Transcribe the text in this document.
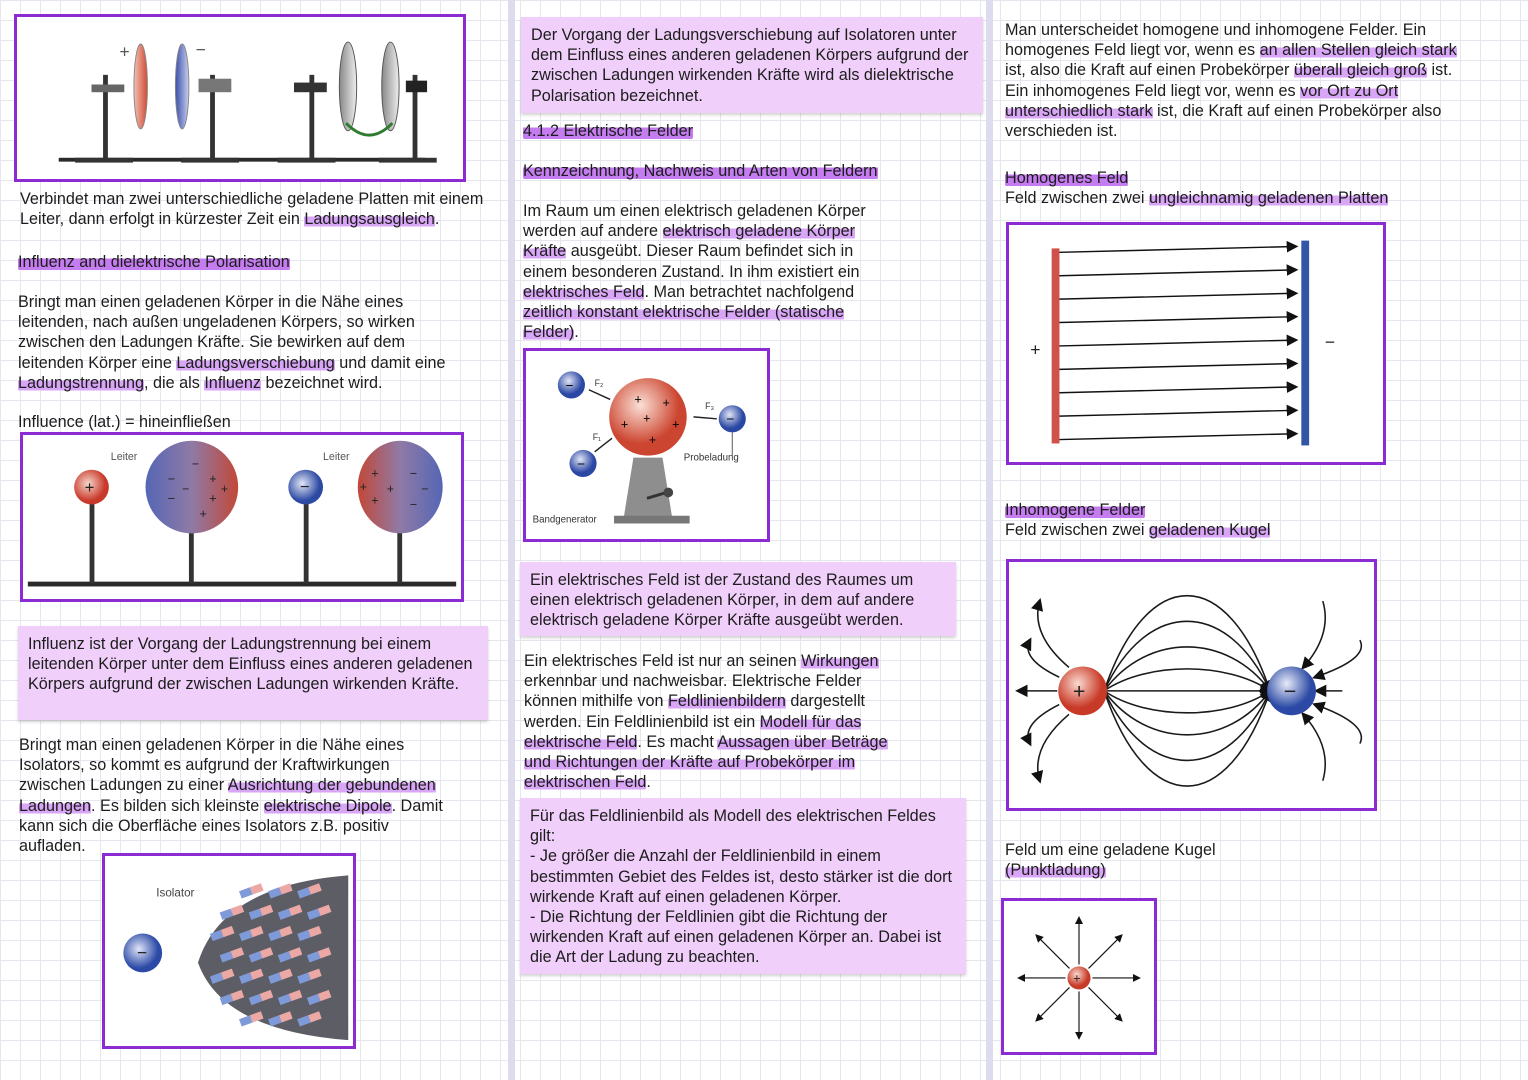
+	−
Verbindet man zwei unterschiedliche geladene Platten mit einem
Leiter, dann erfolgt in kürzester Zeit ein Ladungsausgleich.
Influenz and dielektrische Polarisation
Bringt man einen geladenen Körper in die Nähe eines
leitenden, nach außen ungeladenen Körpers, so wirken
zwischen den Ladungen Kräfte. Sie bewirken auf dem
leitenden Körper eine Ladungsverschiebung und damit eine
Ladungstrennung, die als Influenz bezeichnet wird.
Influence (lat.) = hineinfließen
+	+
+
+
+
−
−
−
−
Leiter
−	+
+
+
+
−
−
−
Leiter
Influenz ist der Vorgang der Ladungstrennung bei einem leitenden Körper unter dem Einfluss eines anderen geladenen Körpers aufgrund der zwischen Ladungen wirkenden Kräfte.
Bringt man einen geladenen Körper in die Nähe eines
Isolators, so kommt es aufgrund der Kraftwirkungen
zwischen Ladungen zu einer Ausrichtung der gebundenen
Ladungen. Es bilden sich kleinste elektrische Dipole. Damit
kann sich die Oberfläche eines Isolators z.B. positiv
aufladen.
−
Isolator
Der Vorgang der Ladungsverschiebung auf Isolatoren unter dem Einfluss eines anderen geladenen Körpers aufgrund der zwischen Ladungen wirkenden Kräfte wird als dielektrische Polarisation bezeichnet.
4.1.2 Elektrische Felder
Kennzeichnung, Nachweis und Arten von Feldern
Im Raum um einen elektrisch geladenen Körper
werden auf andere elektrisch geladene Körper
Kräfte ausgeübt. Dieser Raum befindet sich in
einem besonderen Zustand. In ihm existiert ein
elektrisches Feld. Man betrachtet nachfolgend
zeitlich konstant elektrische Felder (statische
Felder).
+ +
+ + +
+
−
−
−
F₂
F₁
F₃
Probeladung
Bandgenerator
Ein elektrisches Feld ist der Zustand des Raumes um einen elektrisch geladenen Körper, in dem auf andere elektrisch geladene Körper Kräfte ausgeübt werden.
Ein elektrisches Feld ist nur an seinen Wirkungen
erkennbar und nachweisbar. Elektrische Felder
können mithilfe von Feldlinienbildern dargestellt
werden. Ein Feldlinienbild ist ein Modell für das
elektrische Feld. Es macht Aussagen über Beträge
und Richtungen der Kräfte auf Probekörper im
elektrischen Feld.
Für das Feldlinienbild als Modell des elektrischen Feldes gilt:
- Je größer die Anzahl der Feldlinienbild in einem bestimmten Gebiet des Feldes ist, desto stärker ist die dort wirkende Kraft auf einen geladenen Körper.
- Die Richtung der Feldlinien gibt die Richtung der wirkenden Kraft auf einen geladenen Körper an. Dabei ist die Art der Ladung zu beachten.
Man unterscheidet homogene und inhomogene Felder. Ein
homogenes Feld liegt vor, wenn es an allen Stellen gleich stark
ist, also die Kraft auf einen Probekörper überall gleich groß ist.
Ein inhomogenes Feld liegt vor, wenn es vor Ort zu Ort
unterschiedlich stark ist, die Kraft auf einen Probekörper also
verschieden ist.
Homogenes Feld
Feld zwischen zwei ungleichnamig geladenen Platten
+	−
Inhomogene Felder
Feld zwischen zwei geladenen Kugel
+	−
Feld um eine geladene Kugel
(Punktladung)
+
